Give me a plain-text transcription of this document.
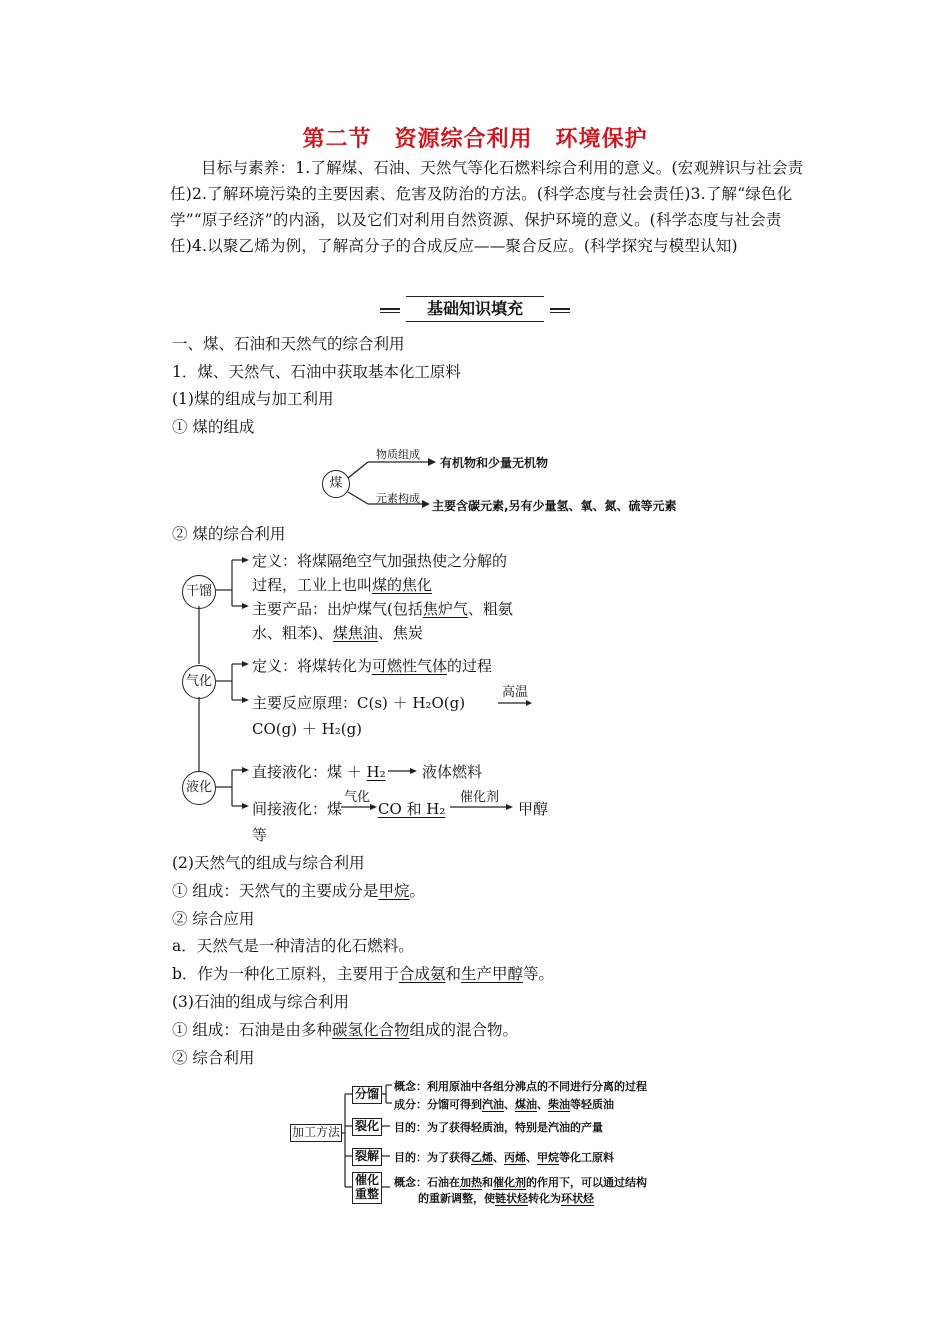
第二节　资源综合利用　环境保护
目标与素养：1.了解煤、石油、天然气等化石燃料综合利用的意义。(宏观辨识与社会责任)2.了解环境污染的主要因素、危害及防治的方法。(科学态度与社会责任)3.了解“绿色化学”“原子经济”的内涵，以及它们对利用自然资源、保护环境的意义。(科学态度与社会责任)4.以聚乙烯为例，了解高分子的合成反应——聚合反应。(科学探究与模型认知)
基础知识填充
一、煤、石油和天然气的综合利用
1．煤、天然气、石油中获取基本化工原料
(1)煤的组成与加工利用
① 煤的组成
煤
物质组成
有机物和少量无机物
元素构成
主要含碳元素,另有少量氢、氧、氮、硫等元素
② 煤的综合利用
干馏
定义：将煤隔绝空气加强热使之分解的
过程，工业上也叫煤的焦化
主要产品：出炉煤气(包括焦炉气、粗氨
水、粗苯)、煤焦油、焦炭
气化
定义：将煤转化为可燃性气体的过程
主要反应原理：C(s) ＋ H₂O(g)
高温
CO(g) ＋ H₂(g)
液化
直接液化：煤 ＋ H₂ 液体燃料
间接液化：煤
气化
CO 和 H₂
催化剂
甲醇
等
(2)天然气的组成与综合利用
① 组成：天然气的主要成分是甲烷。
② 综合应用
a．天然气是一种清洁的化石燃料。
b．作为一种化工原料，主要用于合成氨和生产甲醇等。
(3)石油的组成与综合利用
① 组成：石油是由多种碳氢化合物组成的混合物。
② 综合利用
加工方法
分馏
概念：利用原油中各组分沸点的不同进行分离的过程
成分：分馏可得到汽油、煤油、柴油等轻质油
裂化 目的：为了获得轻质油，特别是汽油的产量
裂解 目的：为了获得乙烯、丙烯、甲烷等化工原料
催化
重整
概念：石油在加热和催化剂的作用下，可以通过结构
的重新调整，使链状烃转化为环状烃
